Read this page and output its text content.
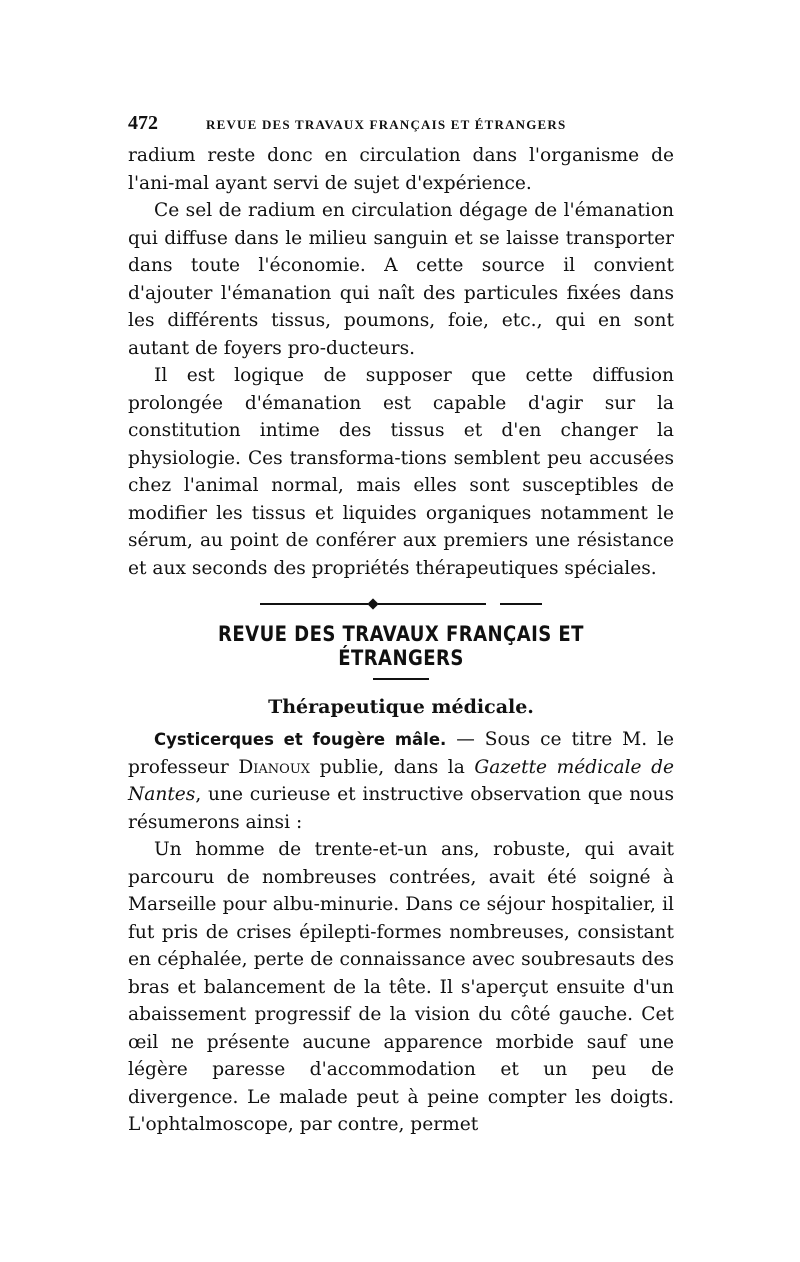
472	REVUE DES TRAVAUX FRANÇAIS ET ÉTRANGERS

radium reste donc en circulation dans l'organisme de l'ani-mal ayant servi de sujet d'expérience.

Ce sel de radium en circulation dégage de l'émanation qui diffuse dans le milieu sanguin et se laisse transporter dans toute l'économie. A cette source il convient d'ajouter l'émanation qui naît des particules fixées dans les différents tissus, poumons, foie, etc., qui en sont autant de foyers pro-ducteurs.

Il est logique de supposer que cette diffusion prolongée d'émanation est capable d'agir sur la constitution intime des tissus et d'en changer la physiologie. Ces transforma-tions semblent peu accusées chez l'animal normal, mais elles sont susceptibles de modifier les tissus et liquides organiques notamment le sérum, au point de conférer aux premiers une résistance et aux seconds des propriétés thérapeutiques spéciales.

REVUE DES TRAVAUX FRANÇAIS ET ÉTRANGERS
Thérapeutique médicale.

Cysticerques et fougère mâle. — Sous ce titre M. le professeur Dianoux publie, dans la Gazette médicale de Nantes, une curieuse et instructive observation que nous résumerons ainsi :

Un homme de trente-et-un ans, robuste, qui avait parcouru de nombreuses contrées, avait été soigné à Marseille pour albu-minurie. Dans ce séjour hospitalier, il fut pris de crises épilepti-formes nombreuses, consistant en céphalée, perte de connaissance avec soubresauts des bras et balancement de la tête. Il s'aperçut ensuite d'un abaissement progressif de la vision du côté gauche. Cet œil ne présente aucune apparence morbide sauf une légère paresse d'accommodation et un peu de divergence. Le malade peut à peine compter les doigts. L'ophtalmoscope, par contre, permet
